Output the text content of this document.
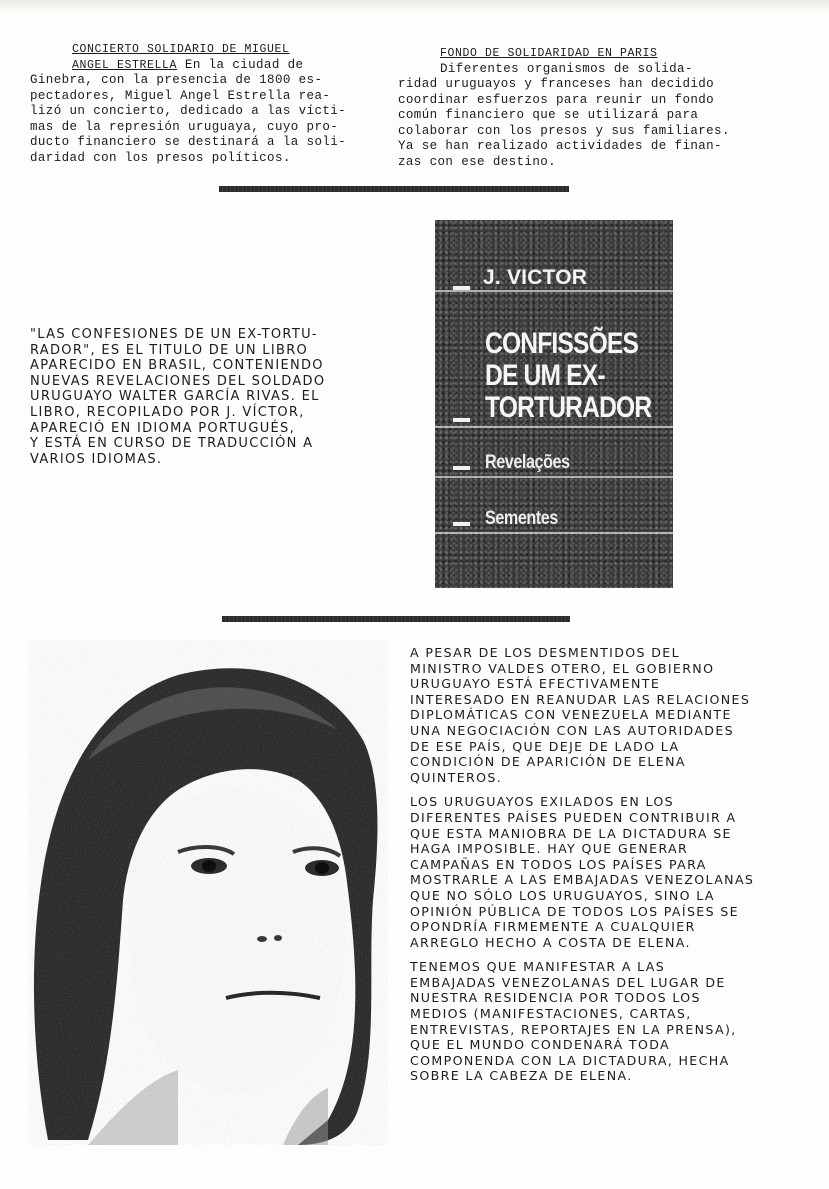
CONCIERTO SOLIDARIO DE MIGUEL
ANGEL ESTRELLA En la ciudad de

Ginebra, con la presencia de 1800 es-

pectadores, Miguel Angel Estrella rea-

lizó un concierto, dedicado a las vícti-

mas de la represión uruguaya, cuyo pro-

ducto financiero se destinará a la soli-

daridad con los presos políticos.

FONDO DE SOLIDARIDAD EN PARIS

Diferentes organismos de solida-

ridad uruguayos y franceses han decidido

coordinar esfuerzos para reunir un fondo

común financiero que se utilizará para

colaborar con los presos y sus familiares.

Ya se han realizado actividades de finan-

zas con ese destino.

"LAS CONFESIONES DE UN EX-TORTU-
RADOR", ES EL TITULO DE UN LIBRO
APARECIDO EN BRASIL, CONTENIENDO
NUEVAS REVELACIONES DEL SOLDADO
URUGUAYO WALTER GARCÍA RIVAS. EL
LIBRO, RECOPILADO POR J. VÍCTOR,
APARECIÓ EN IDIOMA PORTUGUÉS,
Y ESTÁ EN CURSO DE TRADUCCIÓN A
VARIOS IDIOMAS.
J. VICTOR
CONFISSÕES
DE UM EX-
TORTURADOR
Revelações
Sementes

A PESAR DE LOS DESMENTIDOS DEL MINISTRO VALDES OTERO, EL GOBIERNO URUGUAYO ESTÁ EFECTIVAMENTE INTERESADO EN REANUDAR LAS RELACIONES DIPLOMÁTICAS CON VENEZUELA MEDIANTE UNA NEGOCIACIÓN CON LAS AUTORIDADES DE ESE PAÍS, QUE DEJE DE LADO LA CONDICIÓN DE APARICIÓN DE ELENA QUINTEROS.

LOS URUGUAYOS EXILADOS EN LOS DIFERENTES PAÍSES PUEDEN CONTRIBUIR A QUE ESTA MANIOBRA DE LA DICTADURA SE HAGA IMPOSIBLE. HAY QUE GENERAR CAMPAÑAS EN TODOS LOS PAÍSES PARA MOSTRARLE A LAS EMBAJADAS VENEZOLANAS QUE NO SÓLO LOS URUGUAYOS, SINO LA OPINIÓN PÚBLICA DE TODOS LOS PAÍSES SE OPONDRÍA FIRMEMENTE A CUALQUIER ARREGLO HECHO A COSTA DE ELENA.

TENEMOS QUE MANIFESTAR A LAS EMBAJADAS VENEZOLANAS DEL LUGAR DE NUESTRA RESIDENCIA POR TODOS LOS MEDIOS (MANIFESTACIONES, CARTAS, ENTREVISTAS, REPORTAJES EN LA PRENSA), QUE EL MUNDO CONDENARÁ TODA COMPONENDA CON LA DICTADURA, HECHA SOBRE LA CABEZA DE ELENA.
